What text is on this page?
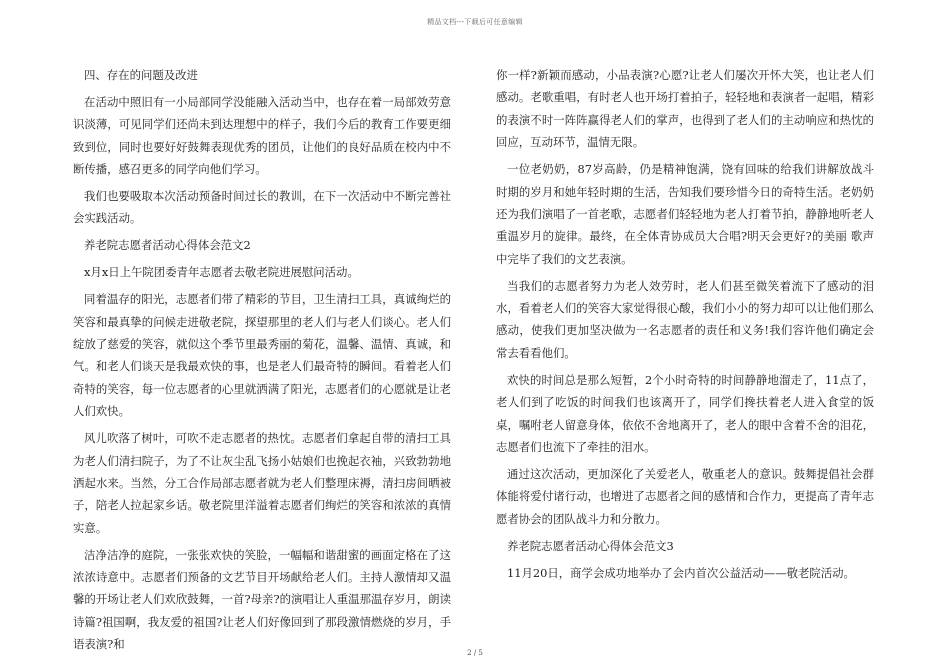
精品文档---下载后可任意编辑

四、存在的问题及改进

在活动中照旧有一小局部同学没能融入活动当中，也存在着一局部效劳意识淡薄，可见同学们还尚未到达理想中的样子，我们今后的教育工作要更细致到位，同时也要好好鼓舞表现优秀的团员，让他们的良好品质在校内中不断传播，感召更多的同学向他们学习。

我们也要吸取本次活动预备时间过长的教训，在下一次活动中不断完善社会实践活动。

养老院志愿者活动心得体会范文2

x月x日上午院团委青年志愿者去敬老院进展慰问活动。

同着温存的阳光，志愿者们带了精彩的节目，卫生清扫工具，真诚绚烂的笑容和最真挚的问候走进敬老院，探望那里的老人们与老人们谈心。老人们绽放了慈爱的笑容，就似这个季节里最秀丽的菊花，温馨、温情、真诚，和气。和老人们谈天是我最欢快的事，也是老人们最奇特的瞬间。看着老人们奇特的笑容，每一位志愿者的心里就洒满了阳光，志愿者们的心愿就是让老人们欢快。

风儿吹落了树叶，可吹不走志愿者的热忱。志愿者们拿起自带的清扫工具为老人们清扫院子，为了不让灰尘乱飞扬小姑娘们也挽起衣袖，兴致勃勃地洒起水来。当然，分工合作局部志愿者就为老人们整理床褥，清扫房间晒被子，陪老人拉起家乡话。敬老院里洋溢着志愿者们绚烂的笑容和浓浓的真情实意。

洁净洁净的庭院，一张张欢快的笑脸，一幅幅和谐甜蜜的画面定格在了这浓浓诗意中。志愿者们预备的文艺节目开场献给老人们。主持人激情却又温馨的开场让老人们欢欣鼓舞，一首?母亲?的演唱让人重温那温存岁月，朗读诗篇?祖国啊，我友爱的祖国?让老人们好像回到了那段激情燃烧的岁月，手语表演?和

你一样?新颖而感动，小品表演?心愿?让老人们屡次开怀大笑，也让老人们感动。老歌重唱，有时老人也开场打着拍子，轻轻地和表演者一起唱，精彩的表演不时一阵阵赢得老人们的掌声，也得到了老人们的主动响应和热忱的回应，互动环节，温情无限。

一位老奶奶，87岁高龄，仍是精神饱满，饶有回味的给我们讲解放战斗时期的岁月和她年轻时期的生活，告知我们要珍惜今日的奇特生活。老奶奶还为我们演唱了一首老歌，志愿者们轻轻地为老人打着节拍，静静地听老人重温岁月的旋律。最终，在全体青协成员大合唱?明天会更好?的美丽 歌声中完毕了我们的文艺表演。

当我们的志愿者努力为老人效劳时，老人们甚至微笑着流下了感动的泪水，看着老人们的笑容大家觉得很心酸，我们小小的努力却可以让他们那么感动，使我们更加坚决做为一名志愿者的责任和义务!我们容许他们确定会常去看看他们。

欢快的时间总是那么短暂，2个小时奇特的时间静静地溜走了，11点了，老人们到了吃饭的时间我们也该离开了，同学们搀扶着老人进入食堂的饭桌，嘱咐老人留意身体，依依不舍地离开了，老人的眼中含着不舍的泪花，志愿者们也流下了牵挂的泪水。

通过这次活动，更加深化了关爱老人，敬重老人的意识。鼓舞提倡社会群体能将爱付诸行动，也增进了志愿者之间的感情和合作力，更提高了青年志愿者协会的团队战斗力和分散力。

养老院志愿者活动心得体会范文3

11月20日，商学会成功地举办了会内首次公益活动——敬老院活动。

2 / 5
